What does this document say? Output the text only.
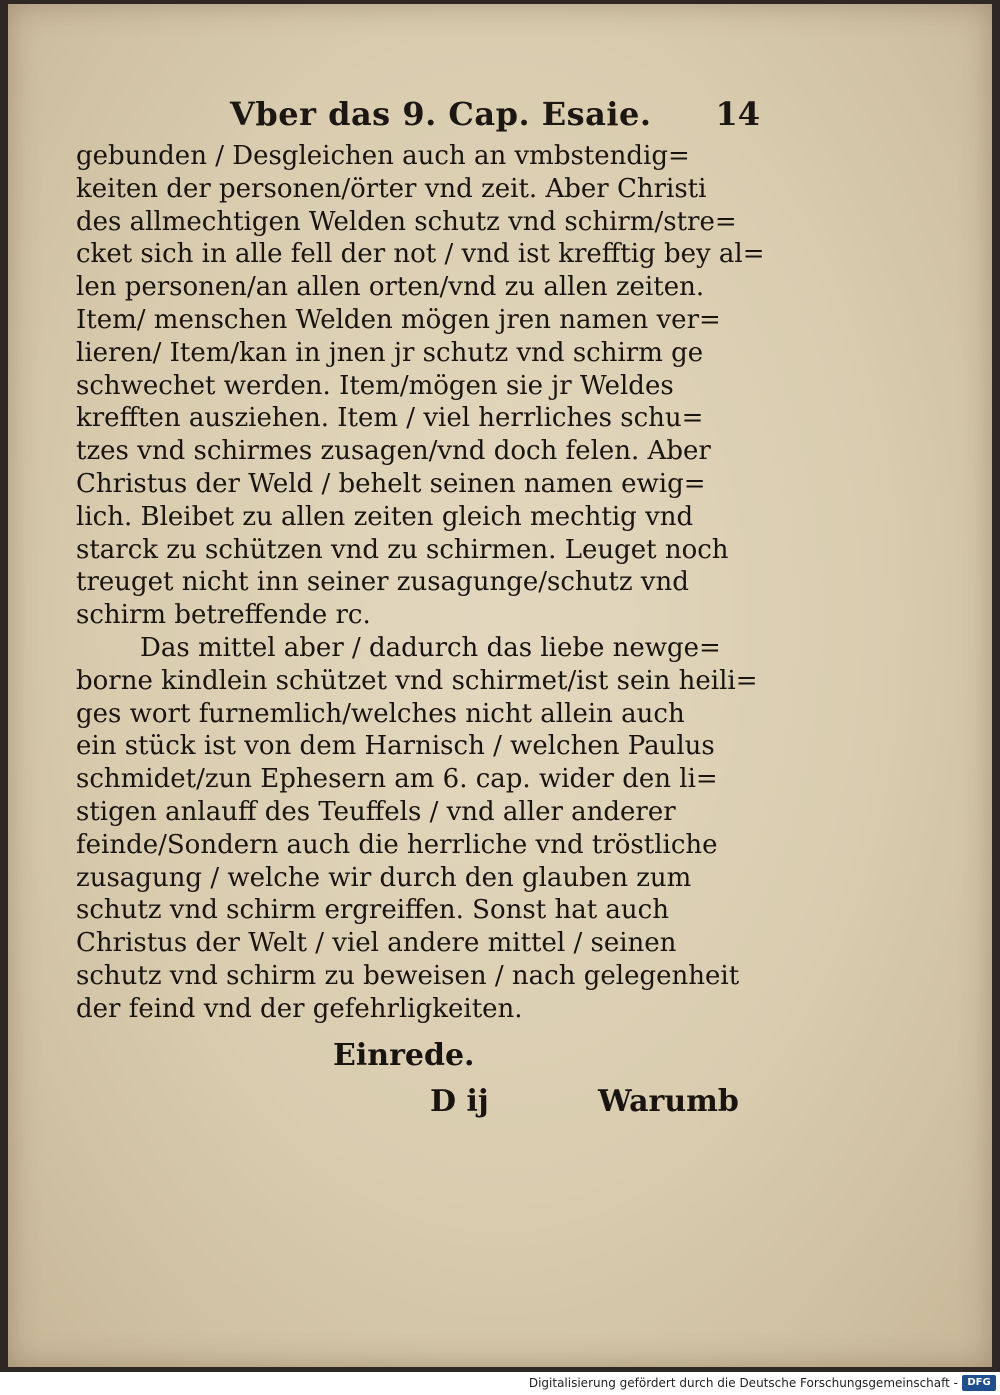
Vber das 9. Cap. Esaie. 14
gebunden / Desgleichen auch an vmbstendig=
keiten der personen/örter vnd zeit. Aber Christi
des allmechtigen Welden schutz vnd schirm/stre=
cket sich in alle fell der not / vnd ist krefftig bey al=
len personen/an allen orten/vnd zu allen zeiten.
Item/ menschen Welden mögen jren namen ver=
lieren/ Item/kan in jnen jr schutz vnd schirm ge
schwechet werden. Item/mögen sie jr Weldes
krefften ausziehen. Item / viel herrliches schu=
tzes vnd schirmes zusagen/vnd doch felen. Aber
Christus der Weld / behelt seinen namen ewig=
lich. Bleibet zu allen zeiten gleich mechtig vnd
starck zu schützen vnd zu schirmen. Leuget noch
treuget nicht inn seiner zusagunge/schutz vnd
schirm betreffende rc.
Das mittel aber / dadurch das liebe newge=
borne kindlein schützet vnd schirmet/ist sein heili=
ges wort furnemlich/welches nicht allein auch
ein stück ist von dem Harnisch / welchen Paulus
schmidet/zun Ephesern am 6. cap. wider den li=
stigen anlauff des Teuffels / vnd aller anderer
feinde/Sondern auch die herrliche vnd tröstliche
zusagung / welche wir durch den glauben zum
schutz vnd schirm ergreiffen. Sonst hat auch
Christus der Welt / viel andere mittel / seinen
schutz vnd schirm zu beweisen / nach gelegenheit
der feind vnd der gefehrligkeiten.
Einrede.
D ij	Warumb
Digitalisierung gefördert durch die Deutsche Forschungsgemeinschaft - DFG
